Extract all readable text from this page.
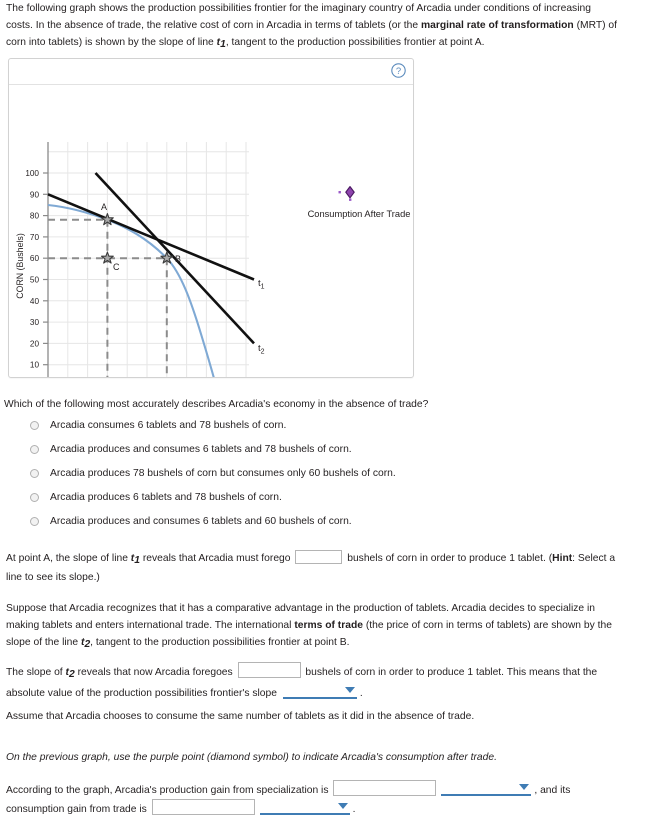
The following graph shows the production possibilities frontier for the imaginary country of Arcadia under conditions of increasing costs. In the absence of trade, the relative cost of corn in Arcadia in terms of tablets (or the marginal rate of transformation (MRT) of corn into tablets) is shown by the slope of line t1, tangent to the production possibilities frontier at point A.

?
10
20
30
40
50
60
70
80
90
100
CORN (Bushels)	$t_1$
$t_2$
A
B
C
Consumption After Trade

Which of the following most accurately describes Arcadia's economy in the absence of trade?

Arcadia consumes 6 tablets and 78 bushels of corn.
Arcadia produces and consumes 6 tablets and 78 bushels of corn.
Arcadia produces 78 bushels of corn but consumes only 60 bushels of corn.
Arcadia produces 6 tablets and 78 bushels of corn.
Arcadia produces and consumes 6 tablets and 60 bushels of corn.

At point A, the slope of line t1 reveals that Arcadia must forego	bushels of corn in order to produce 1 tablet. (Hint: Select a line to see its slope.)

Suppose that Arcadia recognizes that it has a comparative advantage in the production of tablets. Arcadia decides to specialize in making tablets and enters international trade. The international terms of trade (the price of corn in terms of tablets) are shown by the slope of the line t2, tangent to the production possibilities frontier at point B.

The slope of t2 reveals that now Arcadia foregoes	bushels of corn in order to produce 1 tablet. This means that the absolute value of the production possibilities frontier's slope	.

Assume that Arcadia chooses to consume the same number of tablets as it did in the absence of trade.

On the previous graph, use the purple point (diamond symbol) to indicate Arcadia's consumption after trade.

According to the graph, Arcadia's production gain from specialization is	, and its consumption gain from trade is	.
